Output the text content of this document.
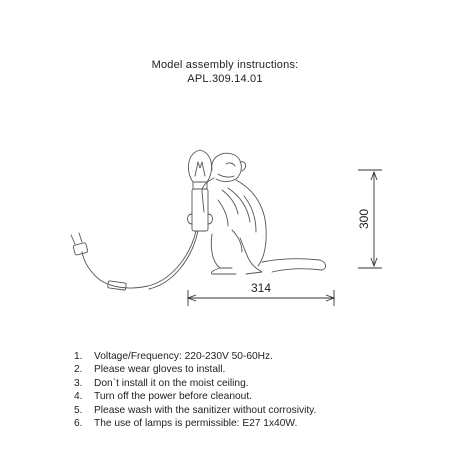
Model assembly instructions:
APL.309.14.01
300
314
1.	Voltage/Frequency: 220-230V 50-60Hz.
2.	Please wear gloves to install.
3.	Don`t install it on the moist ceiling.
4.	Turn off the power before cleanout.
5.	Please wash with the sanitizer without corrosivity.
6.	The use of lamps is permissible: E27 1x40W.
